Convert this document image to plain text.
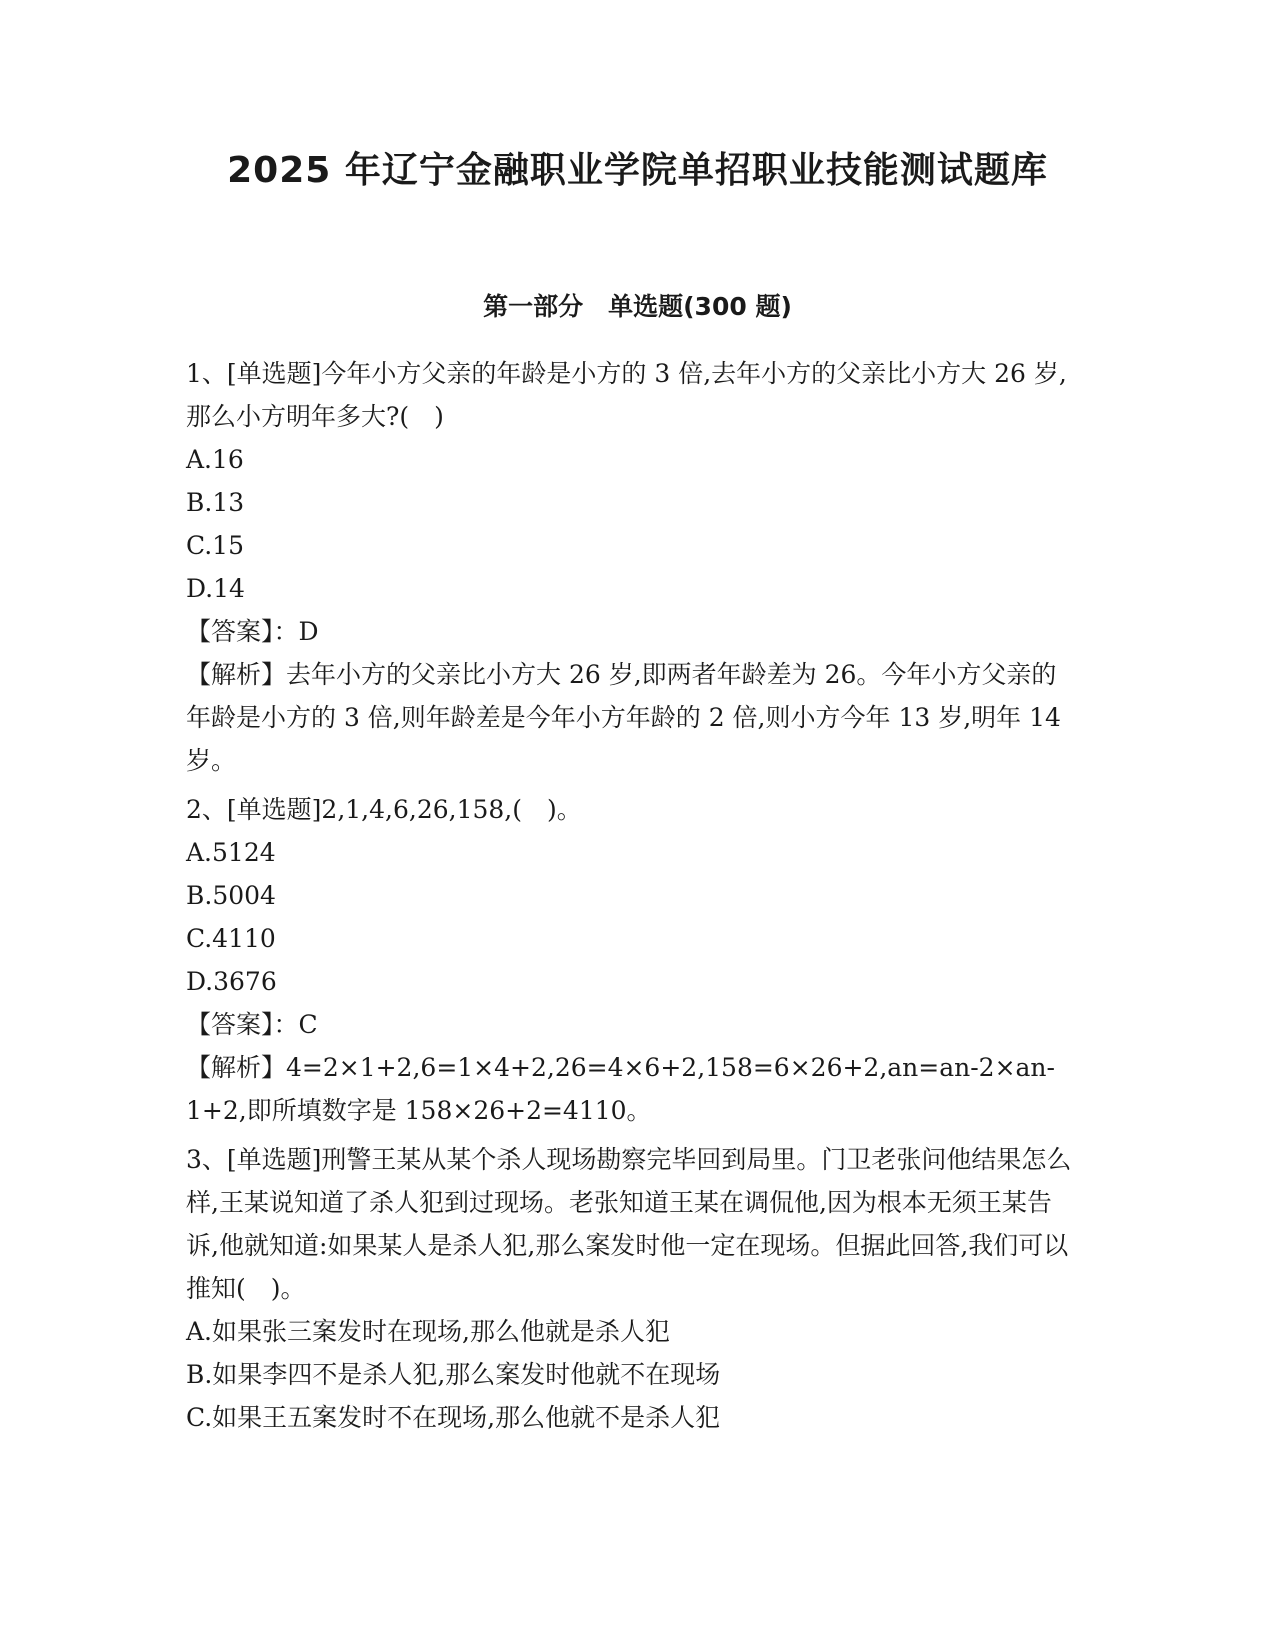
2025 年辽宁金融职业学院单招职业技能测试题库
第一部分　单选题(300 题)
1、[单选题]今年小方父亲的年龄是小方的 3 倍,去年小方的父亲比小方大 26 岁,那么小方明年多大?(　)
A.16
B.13
C.15
D.14
【答案】：D
【解析】去年小方的父亲比小方大 26 岁,即两者年龄差为 26。今年小方父亲的年龄是小方的 3 倍,则年龄差是今年小方年龄的 2 倍,则小方今年 13 岁,明年 14 岁。
2、[单选题]2,1,4,6,26,158,(　)。
A.5124
B.5004
C.4110
D.3676
【答案】：C
【解析】4=2×1+2,6=1×4+2,26=4×6+2,158=6×26+2,an=an-2×an-1+2,即所填数字是 158×26+2=4110。
3、[单选题]刑警王某从某个杀人现场勘察完毕回到局里。门卫老张问他结果怎么样,王某说知道了杀人犯到过现场。老张知道王某在调侃他,因为根本无须王某告诉,他就知道:如果某人是杀人犯,那么案发时他一定在现场。但据此回答,我们可以推知(　)。
A.如果张三案发时在现场,那么他就是杀人犯
B.如果李四不是杀人犯,那么案发时他就不在现场
C.如果王五案发时不在现场,那么他就不是杀人犯
